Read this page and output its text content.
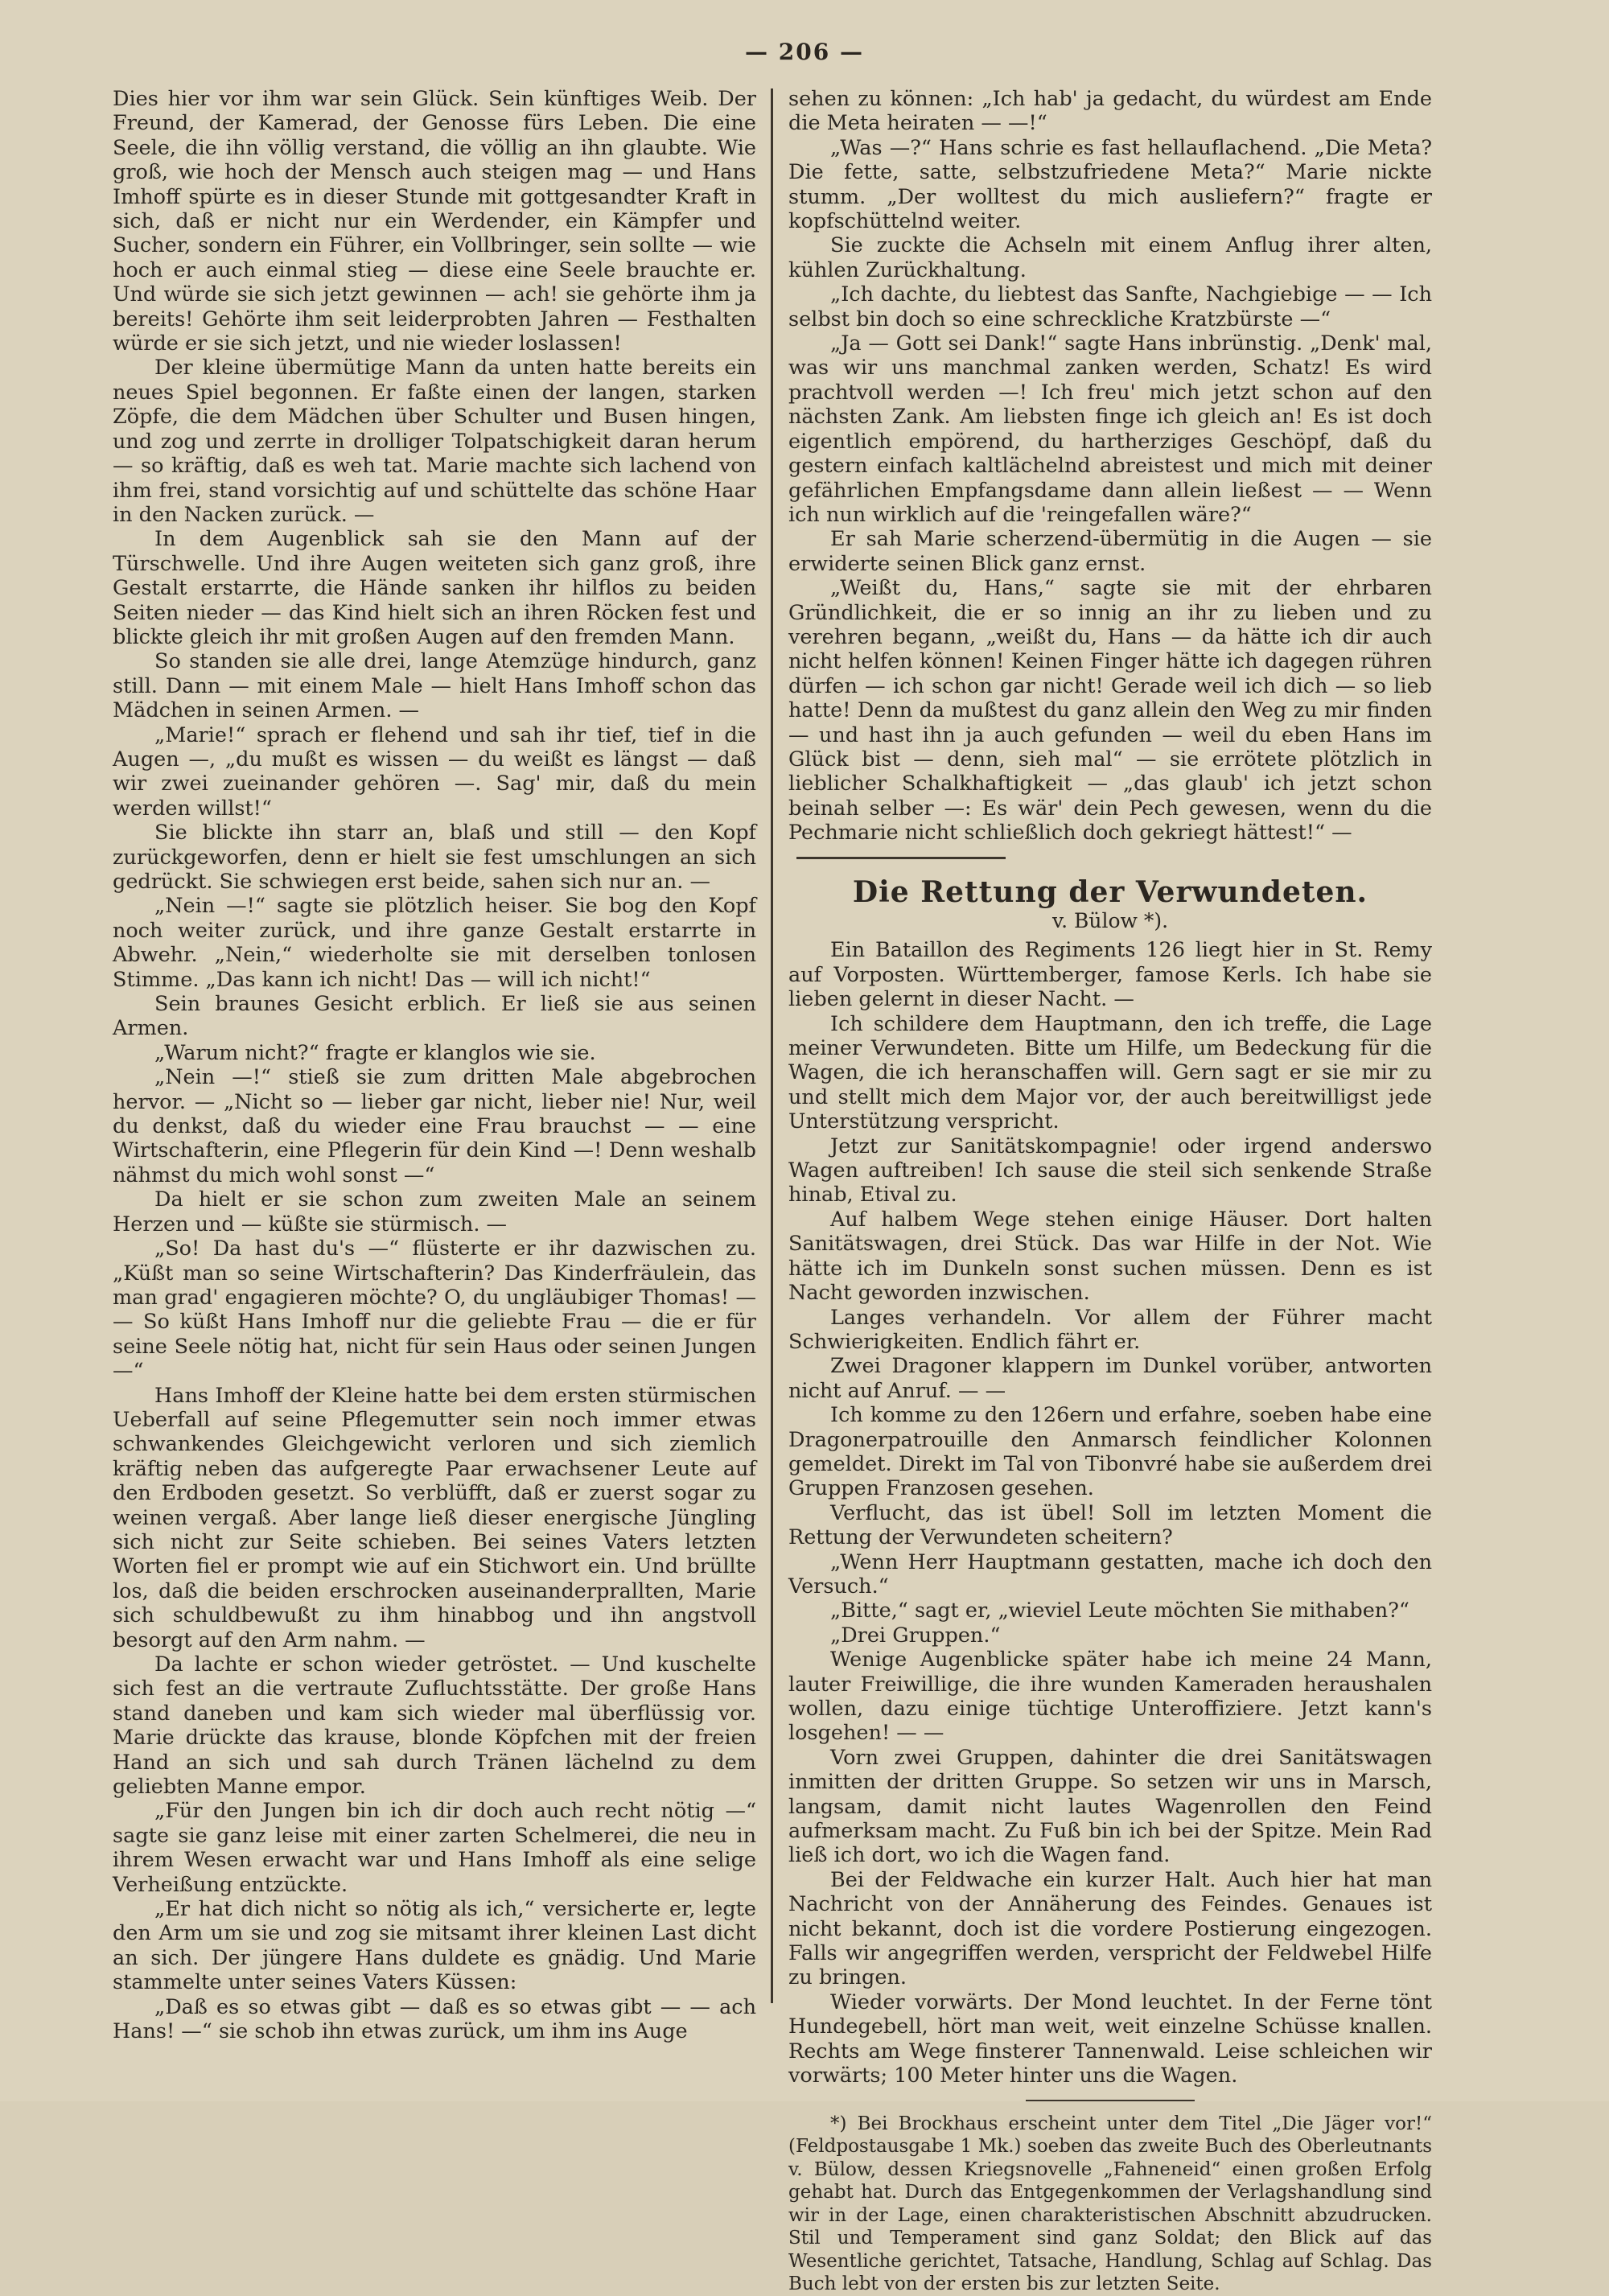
— 206 —

Dies hier vor ihm war sein Glück. Sein künftiges Weib. Der Freund, der Kamerad, der Genosse fürs Leben. Die eine Seele, die ihn völlig verstand, die völlig an ihn glaubte. Wie groß, wie hoch der Mensch auch steigen mag — und Hans Imhoff spürte es in dieser Stunde mit gottgesandter Kraft in sich, daß er nicht nur ein Werdender, ein Kämpfer und Sucher, sondern ein Führer, ein Vollbringer, sein sollte — wie hoch er auch einmal stieg — diese eine Seele brauchte er. Und würde sie sich jetzt gewinnen — ach! sie gehörte ihm ja bereits! Gehörte ihm seit leiderprobten Jahren — Festhalten würde er sie sich jetzt, und nie wieder loslassen!

Der kleine übermütige Mann da unten hatte bereits ein neues Spiel begonnen. Er faßte einen der langen, starken Zöpfe, die dem Mädchen über Schulter und Busen hingen, und zog und zerrte in drolliger Tolpatschigkeit daran herum — so kräftig, daß es weh tat. Marie machte sich lachend von ihm frei, stand vorsichtig auf und schüttelte das schöne Haar in den Nacken zurück. —

In dem Augenblick sah sie den Mann auf der Türschwelle. Und ihre Augen weiteten sich ganz groß, ihre Gestalt erstarrte, die Hände sanken ihr hilflos zu beiden Seiten nieder — das Kind hielt sich an ihren Röcken fest und blickte gleich ihr mit großen Augen auf den fremden Mann.

So standen sie alle drei, lange Atemzüge hindurch, ganz still. Dann — mit einem Male — hielt Hans Imhoff schon das Mädchen in seinen Armen. —

„Marie!“ sprach er flehend und sah ihr tief, tief in die Augen —, „du mußt es wissen — du weißt es längst — daß wir zwei zueinander gehören —. Sag' mir, daß du mein werden willst!“

Sie blickte ihn starr an, blaß und still — den Kopf zurückgeworfen, denn er hielt sie fest umschlungen an sich gedrückt. Sie schwiegen erst beide, sahen sich nur an. —

„Nein —!“ sagte sie plötzlich heiser. Sie bog den Kopf noch weiter zurück, und ihre ganze Gestalt erstarrte in Abwehr. „Nein,“ wiederholte sie mit derselben tonlosen Stimme. „Das kann ich nicht! Das — will ich nicht!“

Sein braunes Gesicht erblich. Er ließ sie aus seinen Armen.

„Warum nicht?“ fragte er klanglos wie sie.

„Nein —!“ stieß sie zum dritten Male abgebrochen hervor. — „Nicht so — lieber gar nicht, lieber nie! Nur, weil du denkst, daß du wieder eine Frau brauchst — — eine Wirtschafterin, eine Pflegerin für dein Kind —! Denn weshalb nähmst du mich wohl sonst —“

Da hielt er sie schon zum zweiten Male an seinem Herzen und — küßte sie stürmisch. —

„So! Da hast du's —“ flüsterte er ihr dazwischen zu. „Küßt man so seine Wirtschafterin? Das Kinderfräulein, das man grad' engagieren möchte? O, du ungläubiger Thomas! — — So küßt Hans Imhoff nur die geliebte Frau — die er für seine Seele nötig hat, nicht für sein Haus oder seinen Jungen —“

Hans Imhoff der Kleine hatte bei dem ersten stürmischen Ueberfall auf seine Pflegemutter sein noch immer etwas schwankendes Gleichgewicht verloren und sich ziemlich kräftig neben das aufgeregte Paar erwachsener Leute auf den Erdboden gesetzt. So verblüfft, daß er zuerst sogar zu weinen vergaß. Aber lange ließ dieser energische Jüngling sich nicht zur Seite schieben. Bei seines Vaters letzten Worten fiel er prompt wie auf ein Stichwort ein. Und brüllte los, daß die beiden erschrocken auseinanderprallten, Marie sich schuldbewußt zu ihm hinabbog und ihn angstvoll besorgt auf den Arm nahm. —

Da lachte er schon wieder getröstet. — Und kuschelte sich fest an die vertraute Zufluchtsstätte. Der große Hans stand daneben und kam sich wieder mal überflüssig vor. Marie drückte das krause, blonde Köpfchen mit der freien Hand an sich und sah durch Tränen lächelnd zu dem geliebten Manne empor.

„Für den Jungen bin ich dir doch auch recht nötig —“ sagte sie ganz leise mit einer zarten Schelmerei, die neu in ihrem Wesen erwacht war und Hans Imhoff als eine selige Verheißung entzückte.

„Er hat dich nicht so nötig als ich,“ versicherte er, legte den Arm um sie und zog sie mitsamt ihrer kleinen Last dicht an sich. Der jüngere Hans duldete es gnädig. Und Marie stammelte unter seines Vaters Küssen:

„Daß es so etwas gibt — daß es so etwas gibt — — ach Hans! —“ sie schob ihn etwas zurück, um ihm ins Auge

sehen zu können: „Ich hab' ja gedacht, du würdest am Ende die Meta heiraten — —!“

„Was —?“ Hans schrie es fast hellauflachend. „Die Meta? Die fette, satte, selbstzufriedene Meta?“ Marie nickte stumm. „Der wolltest du mich ausliefern?“ fragte er kopfschüttelnd weiter.

Sie zuckte die Achseln mit einem Anflug ihrer alten, kühlen Zurückhaltung.

„Ich dachte, du liebtest das Sanfte, Nachgiebige — — Ich selbst bin doch so eine schreckliche Kratzbürste —“

„Ja — Gott sei Dank!“ sagte Hans inbrünstig. „Denk' mal, was wir uns manchmal zanken werden, Schatz! Es wird prachtvoll werden —! Ich freu' mich jetzt schon auf den nächsten Zank. Am liebsten finge ich gleich an! Es ist doch eigentlich empörend, du hartherziges Geschöpf, daß du gestern einfach kaltlächelnd abreistest und mich mit deiner gefährlichen Empfangsdame dann allein ließest — — Wenn ich nun wirklich auf die 'reingefallen wäre?“

Er sah Marie scherzend-übermütig in die Augen — sie erwiderte seinen Blick ganz ernst.

„Weißt du, Hans,“ sagte sie mit der ehrbaren Gründlichkeit, die er so innig an ihr zu lieben und zu verehren begann, „weißt du, Hans — da hätte ich dir auch nicht helfen können! Keinen Finger hätte ich dagegen rühren dürfen — ich schon gar nicht! Gerade weil ich dich — so lieb hatte! Denn da mußtest du ganz allein den Weg zu mir finden — und hast ihn ja auch gefunden — weil du eben Hans im Glück bist — denn, sieh mal“ — sie errötete plötzlich in lieblicher Schalkhaftigkeit — „das glaub' ich jetzt schon beinah selber —: Es wär' dein Pech gewesen, wenn du die Pechmarie nicht schließlich doch gekriegt hättest!“ —

Die Rettung der Verwundeten.
v. Bülow *).

Ein Bataillon des Regiments 126 liegt hier in St. Remy auf Vorposten. Württemberger, famose Kerls. Ich habe sie lieben gelernt in dieser Nacht. —

Ich schildere dem Hauptmann, den ich treffe, die Lage meiner Verwundeten. Bitte um Hilfe, um Bedeckung für die Wagen, die ich heranschaffen will. Gern sagt er sie mir zu und stellt mich dem Major vor, der auch bereitwilligst jede Unterstützung verspricht.

Jetzt zur Sanitätskompagnie! oder irgend anderswo Wagen auftreiben! Ich sause die steil sich senkende Straße hinab, Etival zu.

Auf halbem Wege stehen einige Häuser. Dort halten Sanitätswagen, drei Stück. Das war Hilfe in der Not. Wie hätte ich im Dunkeln sonst suchen müssen. Denn es ist Nacht geworden inzwischen.

Langes verhandeln. Vor allem der Führer macht Schwierigkeiten. Endlich fährt er.

Zwei Dragoner klappern im Dunkel vorüber, antworten nicht auf Anruf. — —

Ich komme zu den 126ern und erfahre, soeben habe eine Dragonerpatrouille den Anmarsch feindlicher Kolonnen gemeldet. Direkt im Tal von Tibonvré habe sie außerdem drei Gruppen Franzosen gesehen.

Verflucht, das ist übel! Soll im letzten Moment die Rettung der Verwundeten scheitern?

„Wenn Herr Hauptmann gestatten, mache ich doch den Versuch.“

„Bitte,“ sagt er, „wieviel Leute möchten Sie mithaben?“

„Drei Gruppen.“

Wenige Augenblicke später habe ich meine 24 Mann, lauter Freiwillige, die ihre wunden Kameraden heraushalen wollen, dazu einige tüchtige Unteroffiziere. Jetzt kann's losgehen! — —

Vorn zwei Gruppen, dahinter die drei Sanitätswagen inmitten der dritten Gruppe. So setzen wir uns in Marsch, langsam, damit nicht lautes Wagenrollen den Feind aufmerksam macht. Zu Fuß bin ich bei der Spitze. Mein Rad ließ ich dort, wo ich die Wagen fand.

Bei der Feldwache ein kurzer Halt. Auch hier hat man Nachricht von der Annäherung des Feindes. Genaues ist nicht bekannt, doch ist die vordere Postierung eingezogen. Falls wir angegriffen werden, verspricht der Feldwebel Hilfe zu bringen.

Wieder vorwärts. Der Mond leuchtet. In der Ferne tönt Hundegebell, hört man weit, weit einzelne Schüsse knallen. Rechts am Wege finsterer Tannenwald. Leise schleichen wir vorwärts; 100 Meter hinter uns die Wagen.

*) Bei Brockhaus erscheint unter dem Titel „Die Jäger vor!“ (Feldpostausgabe 1 Mk.) soeben das zweite Buch des Oberleutnants v. Bülow, dessen Kriegsnovelle „Fahneneid“ einen großen Erfolg gehabt hat. Durch das Entgegenkommen der Verlagshandlung sind wir in der Lage, einen charakteristischen Abschnitt abzudrucken. Stil und Temperament sind ganz Soldat; den Blick auf das Wesentliche gerichtet, Tatsache, Handlung, Schlag auf Schlag. Das Buch lebt von der ersten bis zur letzten Seite.
